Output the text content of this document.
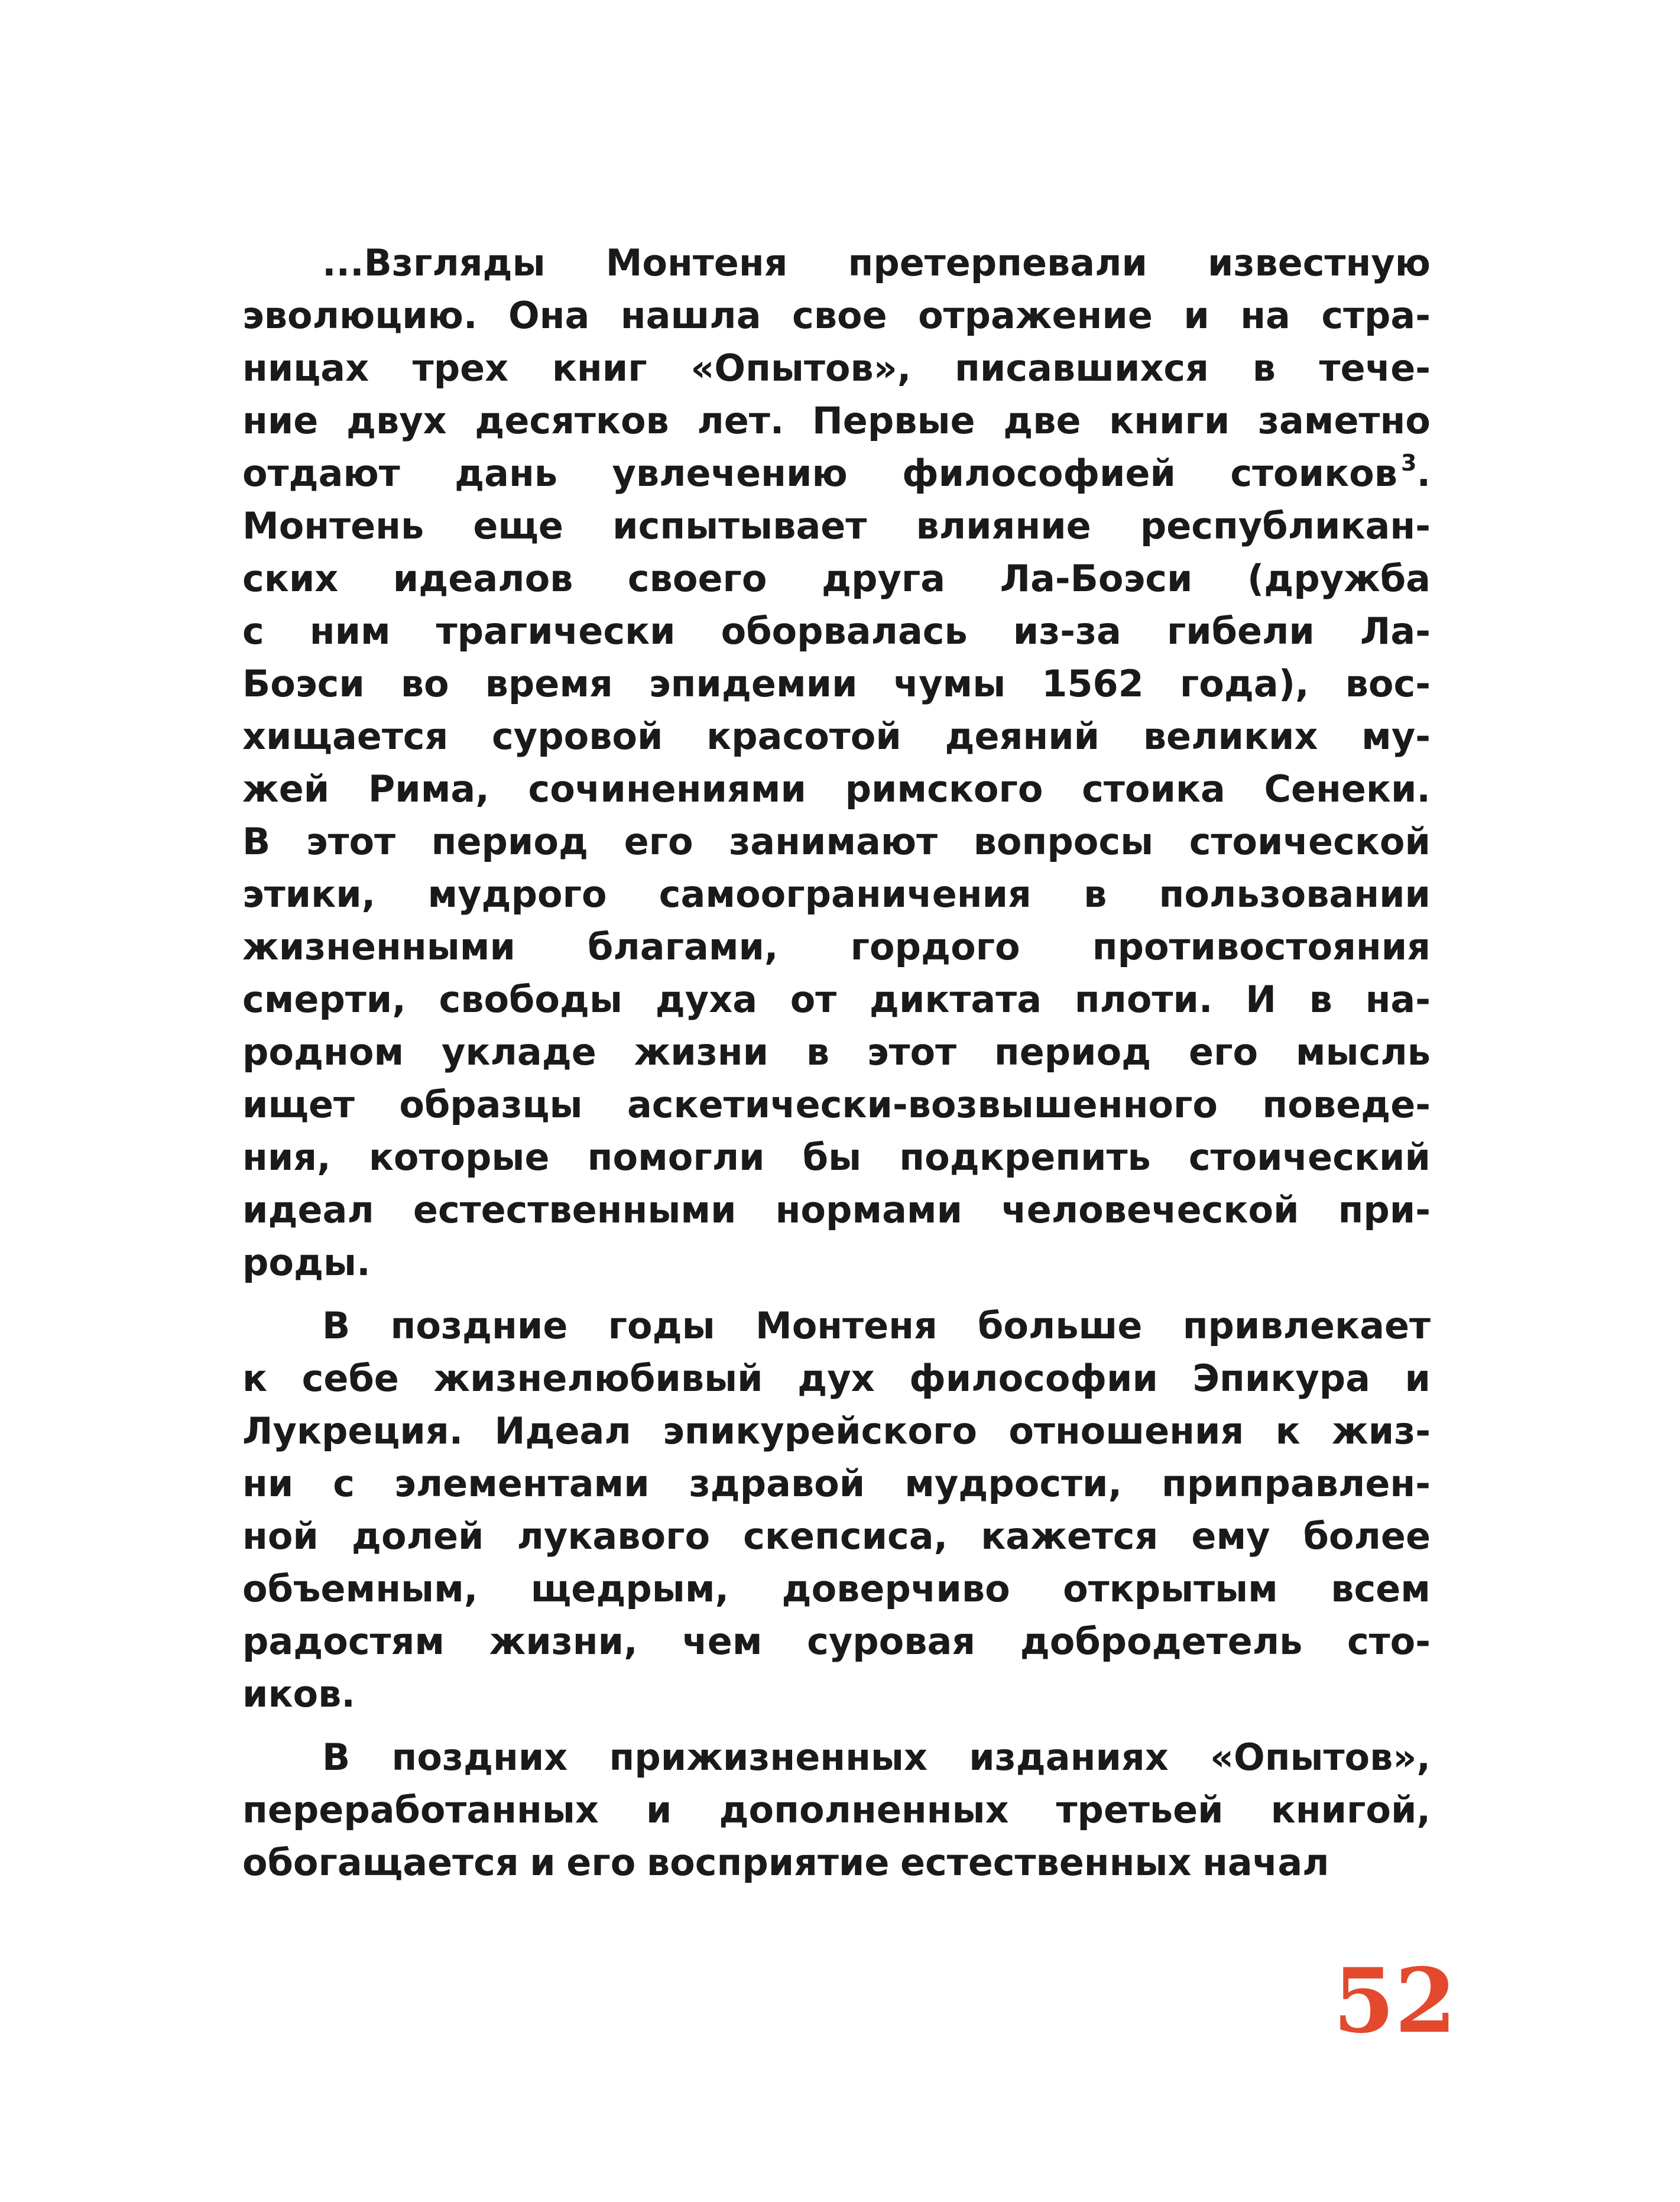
...Взгляды Монтеня претерпевали известную
эволюцию. Она нашла свое отражение и на стра-
ницах трех книг «Опытов», писавшихся в тече-
ние двух десятков лет. Первые две книги заметно
отдают дань увлечению философией стоиков $^3$.
Монтень еще испытывает влияние республикан-
ских идеалов своего друга Ла-Боэси (дружба
с ним трагически оборвалась из-за гибели Ла-
Боэси во время эпидемии чумы 1562 года), вос-
хищается суровой красотой деяний великих му-
жей Рима, сочинениями римского стоика Сенеки.
В этот период его занимают вопросы стоической
этики, мудрого самоограничения в пользовании
жизненными благами, гордого противостояния
смерти, свободы духа от диктата плоти. И в на-
родном укладе жизни в этот период его мысль
ищет образцы аскетически-возвышенного поведе-
ния, которые помогли бы подкрепить стоический
идеал естественными нормами человеческой при-
роды.
В поздние годы Монтеня больше привлекает
к себе жизнелюбивый дух философии Эпикура и
Лукреция. Идеал эпикурейского отношения к жиз-
ни с элементами здравой мудрости, приправлен-
ной долей лукавого скепсиса, кажется ему более
объемным, щедрым, доверчиво открытым всем
радостям жизни, чем суровая добродетель сто-
иков.
В поздних прижизненных изданиях «Опытов»,
переработанных и дополненных третьей книгой,
обогащается и его восприятие естественных начал
52
